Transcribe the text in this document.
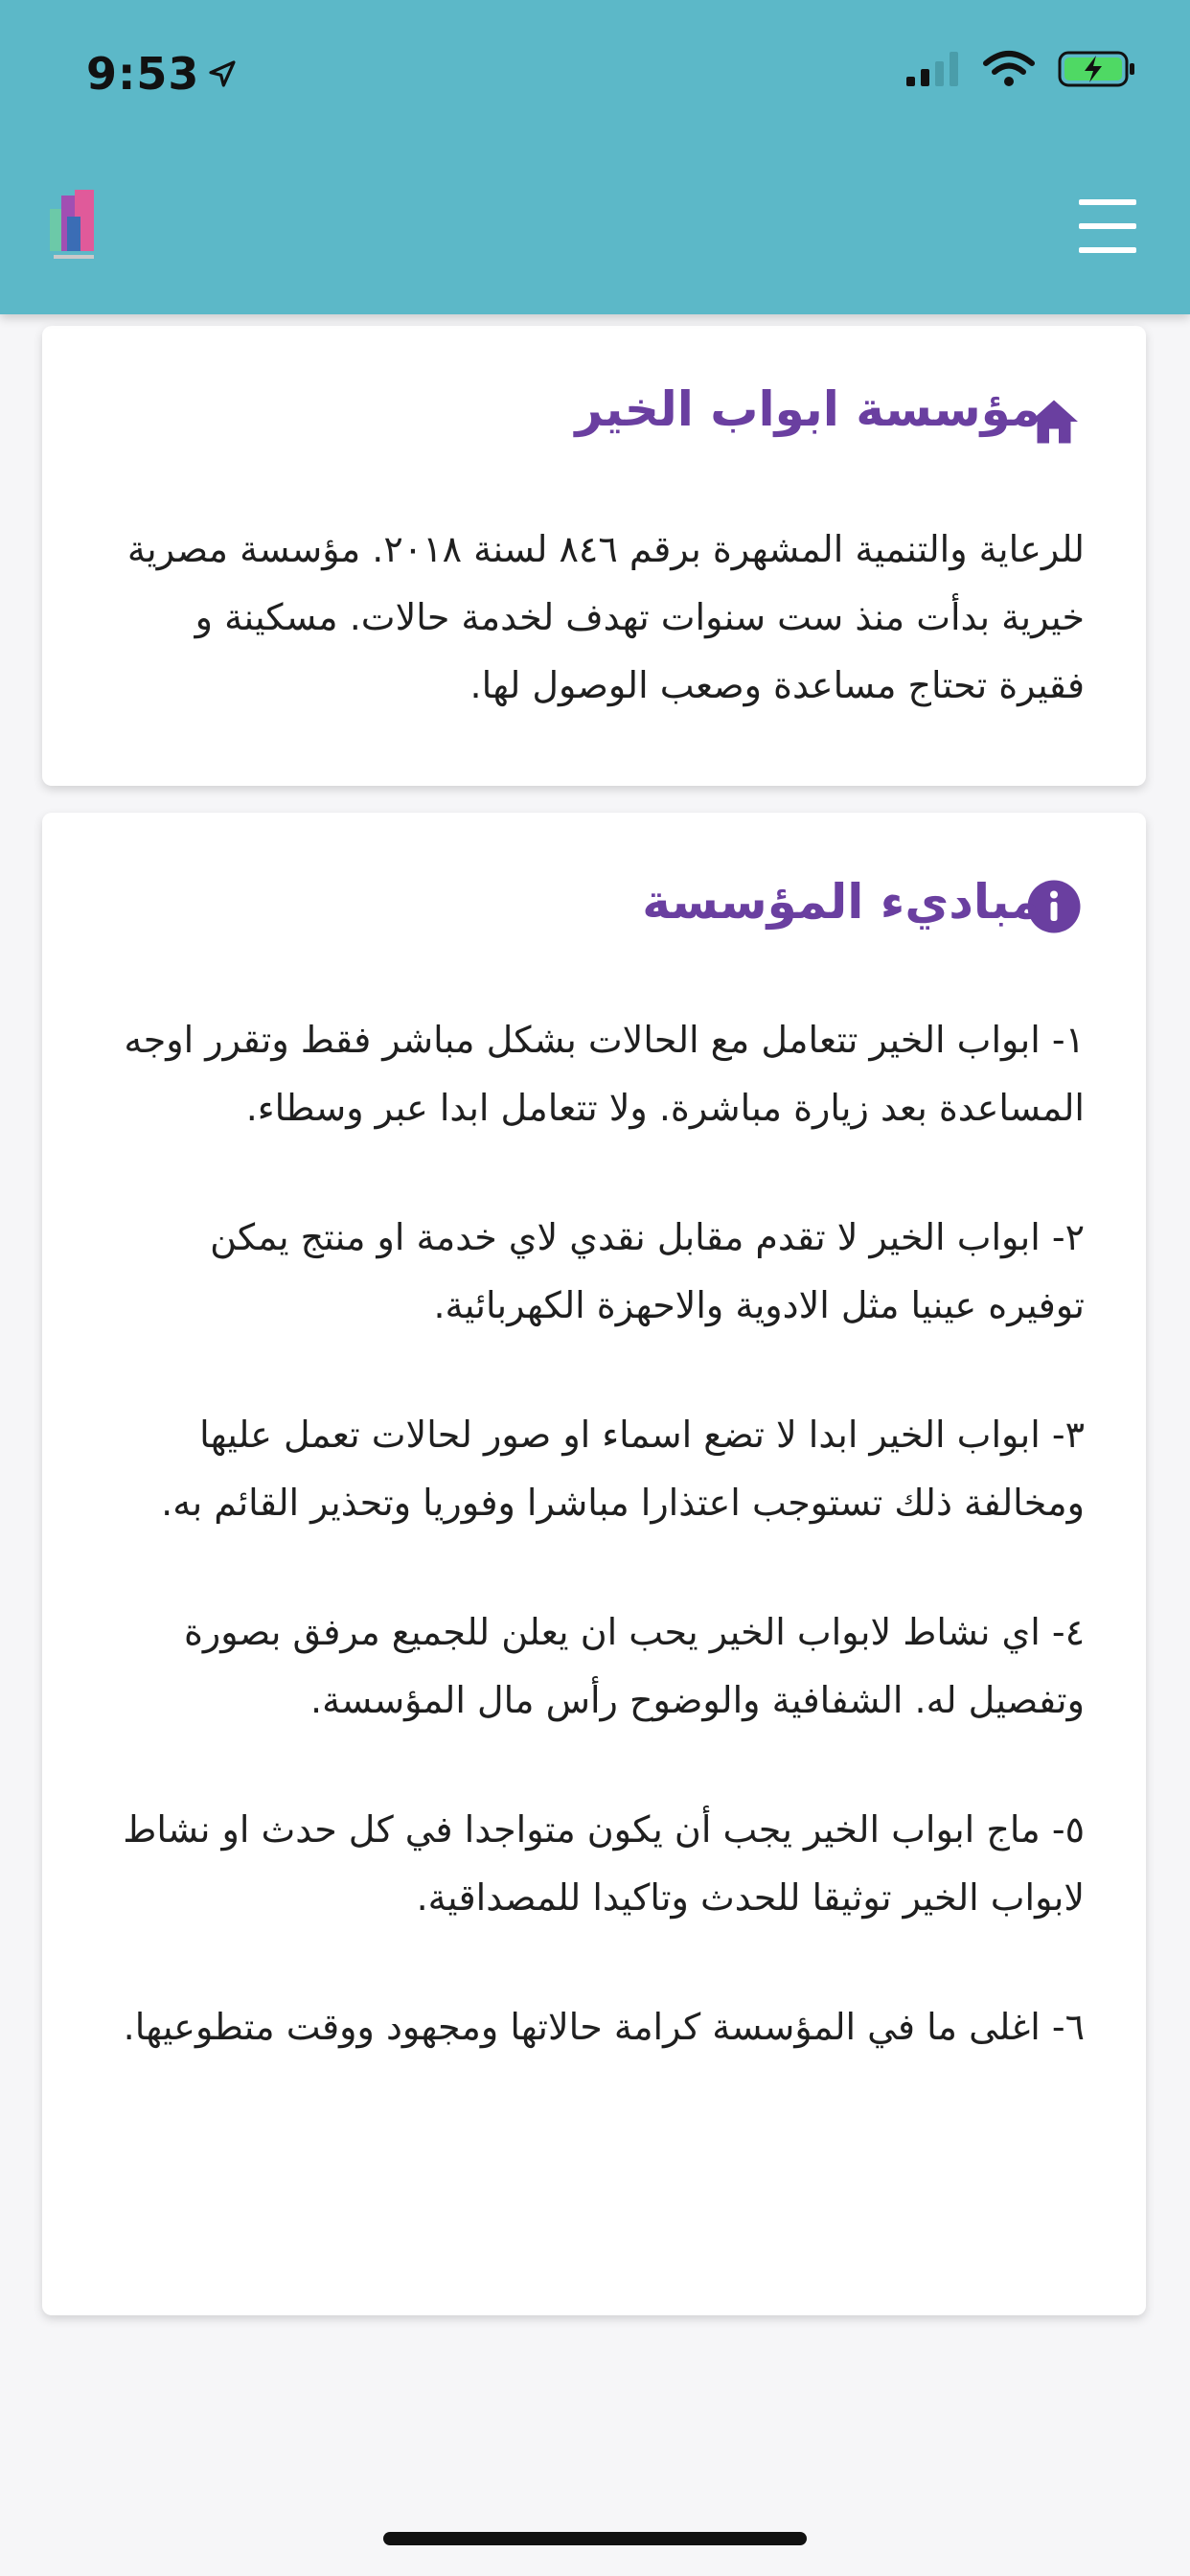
9:53
مؤسسة ابواب الخير
للرعاية والتنمية المشهرة برقم ٨٤٦ لسنة ٢٠١٨. مؤسسة مصرية خيرية بدأت منذ ست سنوات تهدف لخدمة حالات. مسكينة و فقيرة تحتاج مساعدة وصعب الوصول لها.
مباديء المؤسسة

١- ابواب الخير تتعامل مع الحالات بشكل مباشر فقط وتقرر اوجه المساعدة بعد زيارة مباشرة. ولا تتعامل ابدا عبر وسطاء.

٢- ابواب الخير لا تقدم مقابل نقدي لاي خدمة او منتج يمكن توفيره عينيا مثل الادوية والاحهزة الكهربائية.

٣- ابواب الخير ابدا لا تضع اسماء او صور لحالات تعمل عليها ومخالفة ذلك تستوجب اعتذارا مباشرا وفوريا وتحذير القائم به.

٤- اي نشاط لابواب الخير يحب ان يعلن للجميع مرفق بصورة وتفصيل له. الشفافية والوضوح رأس مال المؤسسة.

٥- ماج ابواب الخير يجب أن يكون متواجدا في كل حدث او نشاط لابواب الخير توثيقا للحدث وتاكيدا للمصداقية.

٦- اغلى ما في المؤسسة كرامة حالاتها ومجهود ووقت متطوعيها.
